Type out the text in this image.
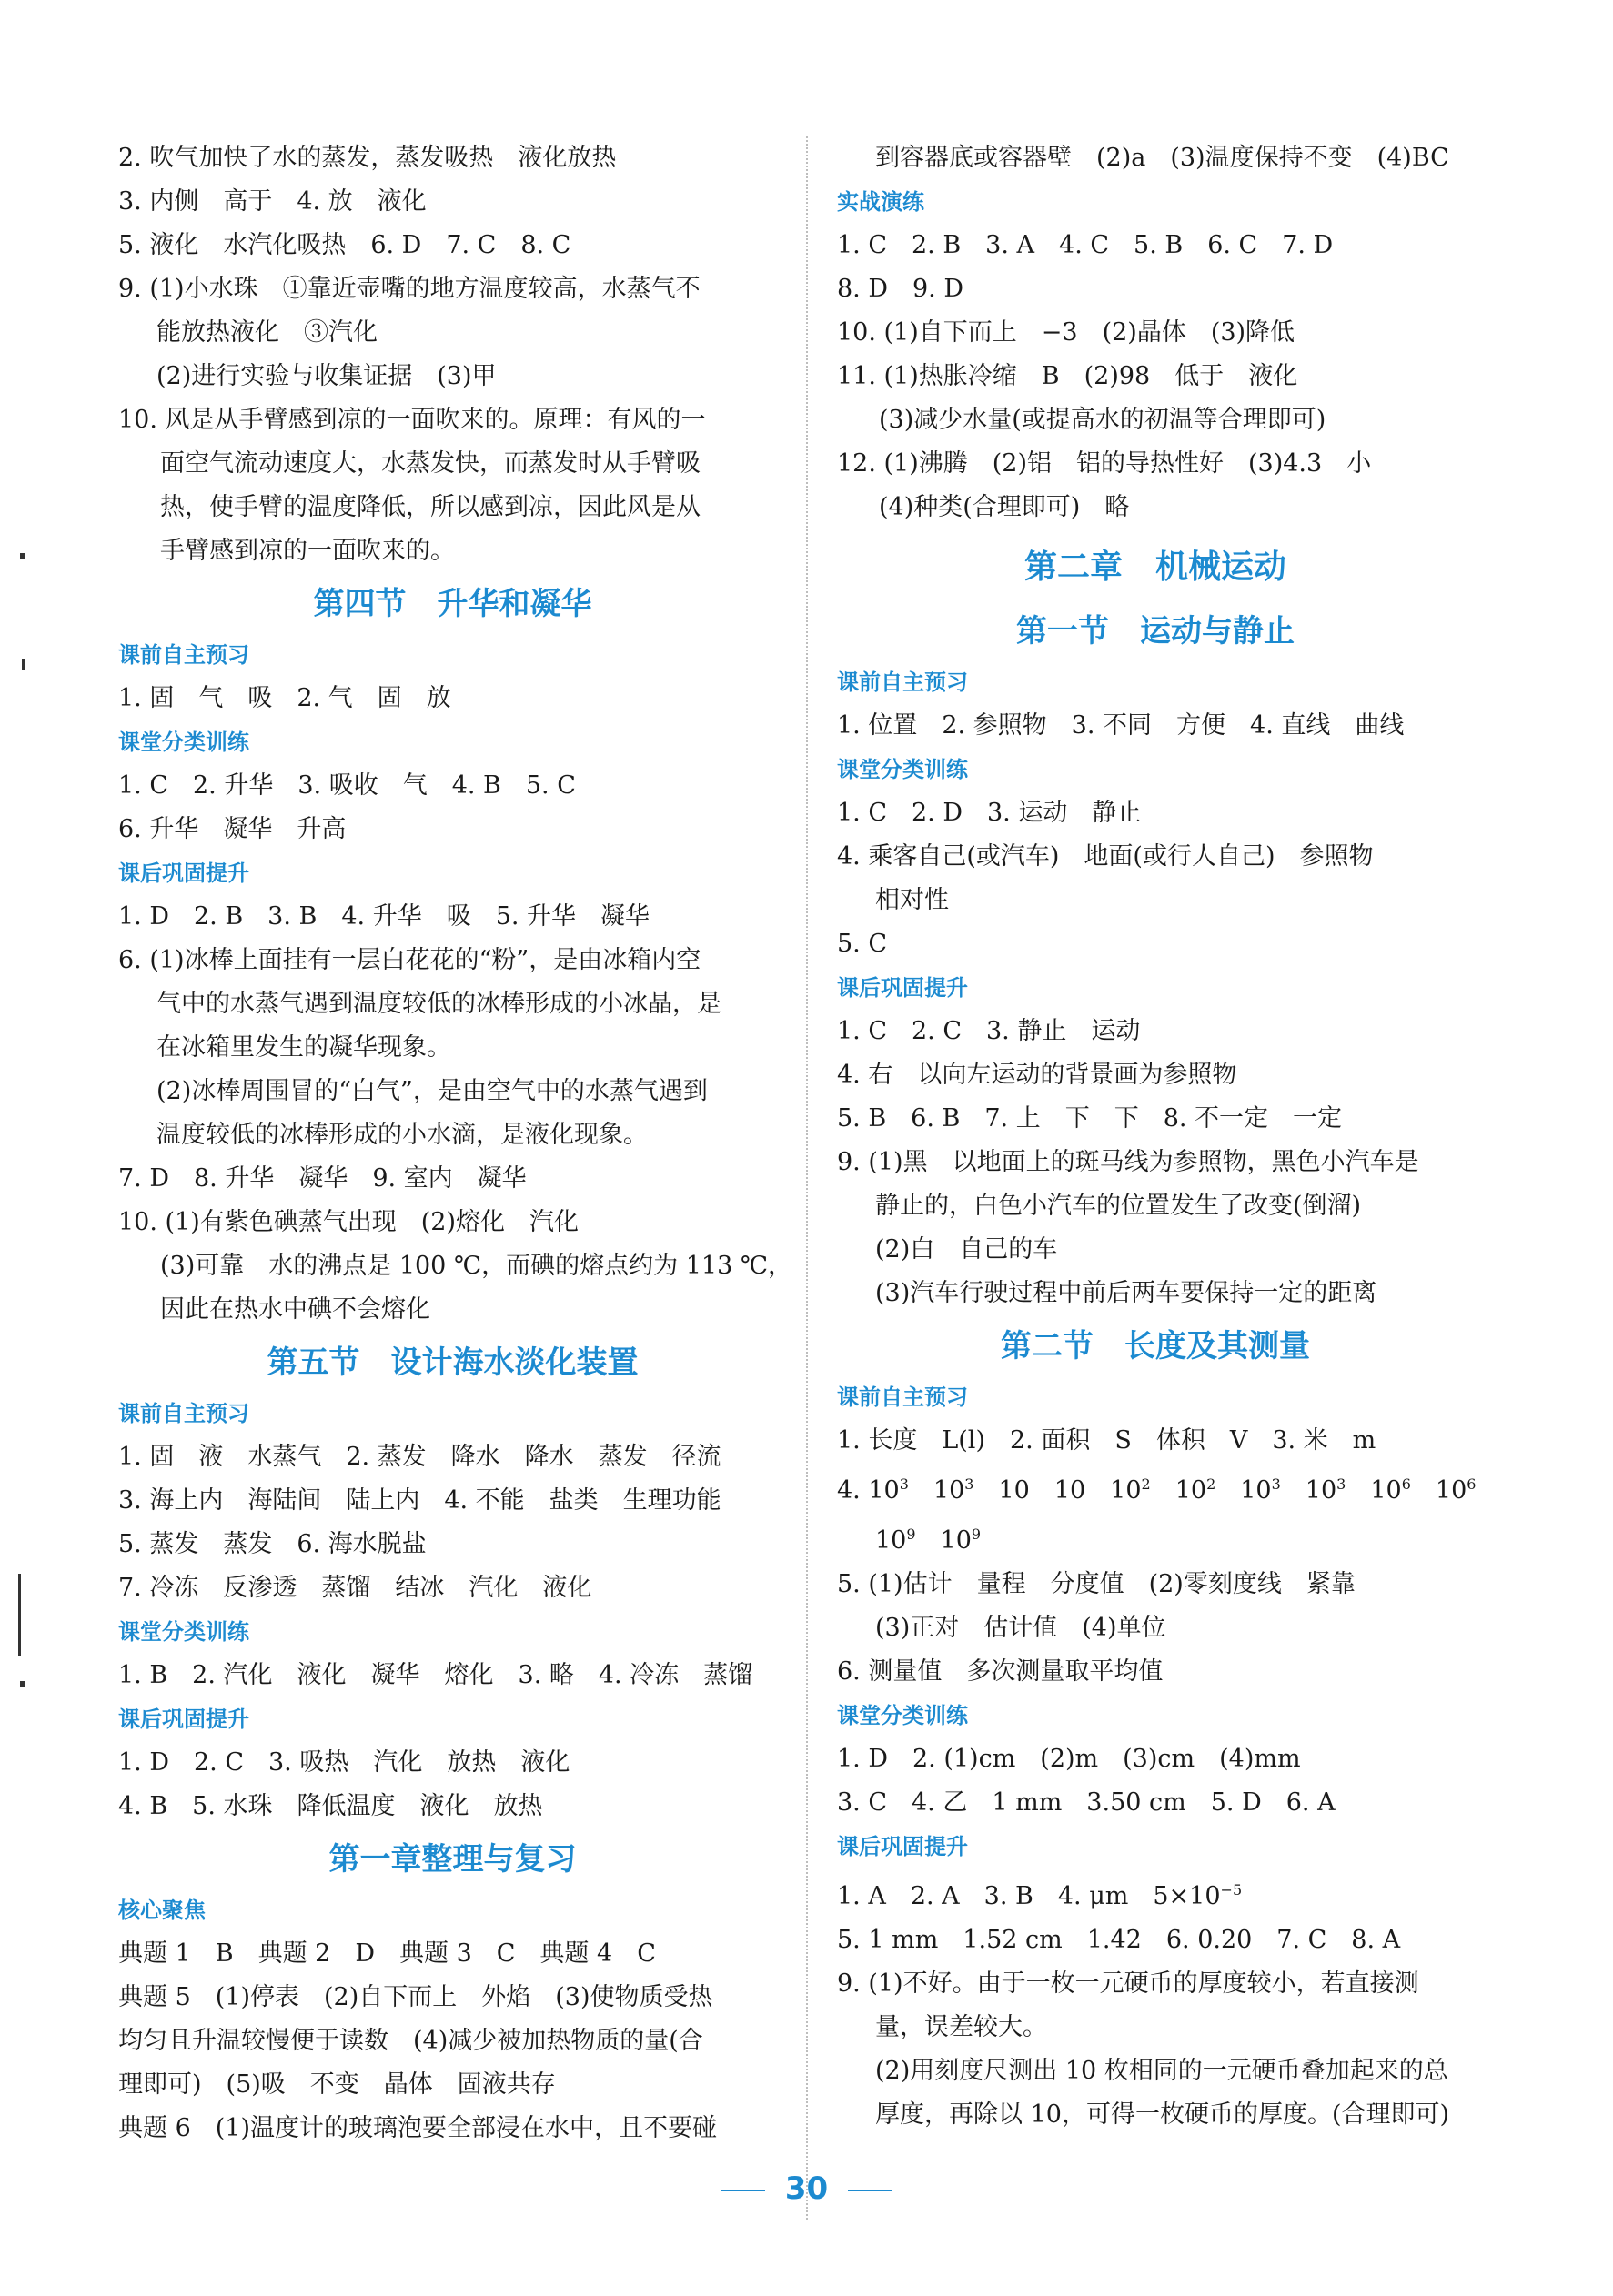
2. 吹气加快了水的蒸发，蒸发吸热　液化放热

3. 内侧　高于　4. 放　液化

5. 液化　水汽化吸热　6. D　7. C　8. C

9. (1)小水珠　①靠近壶嘴的地方温度较高，水蒸气不

能放热液化　③汽化

(2)进行实验与收集证据　(3)甲

10. 风是从手臂感到凉的一面吹来的。原理：有风的一

面空气流动速度大，水蒸发快，而蒸发时从手臂吸

热，使手臂的温度降低，所以感到凉，因此风是从

手臂感到凉的一面吹来的。

第四节　升华和凝华

课前自主预习

1. 固　气　吸　2. 气　固　放

课堂分类训练

1. C　2. 升华　3. 吸收　气　4. B　5. C

6. 升华　凝华　升高

课后巩固提升

1. D　2. B　3. B　4. 升华　吸　5. 升华　凝华

6. (1)冰棒上面挂有一层白花花的“粉”，是由冰箱内空

气中的水蒸气遇到温度较低的冰棒形成的小冰晶，是

在冰箱里发生的凝华现象。

(2)冰棒周围冒的“白气”，是由空气中的水蒸气遇到

温度较低的冰棒形成的小水滴，是液化现象。

7. D　8. 升华　凝华　9. 室内　凝华

10. (1)有紫色碘蒸气出现　(2)熔化　汽化

(3)可靠　水的沸点是 100 ℃，而碘的熔点约为 113 ℃，

因此在热水中碘不会熔化

第五节　设计海水淡化装置

课前自主预习

1. 固　液　水蒸气　2. 蒸发　降水　降水　蒸发　径流

3. 海上内　海陆间　陆上内　4. 不能　盐类　生理功能

5. 蒸发　蒸发　6. 海水脱盐

7. 冷冻　反渗透　蒸馏　结冰　汽化　液化

课堂分类训练

1. B　2. 汽化　液化　凝华　熔化　3. 略　4. 冷冻　蒸馏

课后巩固提升

1. D　2. C　3. 吸热　汽化　放热　液化

4. B　5. 水珠　降低温度　液化　放热

第一章整理与复习

核心聚焦

典题 1　B　典题 2　D　典题 3　C　典题 4　C

典题 5　(1)停表　(2)自下而上　外焰　(3)使物质受热

均匀且升温较慢便于读数　(4)减少被加热物质的量(合

理即可)　(5)吸　不变　晶体　固液共存

典题 6　(1)温度计的玻璃泡要全部浸在水中，且不要碰

到容器底或容器壁　(2)a　(3)温度保持不变　(4)BC

实战演练

1. C　2. B　3. A　4. C　5. B　6. C　7. D

8. D　9. D

10. (1)自下而上　−3　(2)晶体　(3)降低

11. (1)热胀冷缩　B　(2)98　低于　液化

(3)减少水量(或提高水的初温等合理即可)

12. (1)沸腾　(2)铝　铝的导热性好　(3)4.3　小

(4)种类(合理即可)　略

第二章　机械运动

第一节　运动与静止

课前自主预习

1. 位置　2. 参照物　3. 不同　方便　4. 直线　曲线

课堂分类训练

1. C　2. D　3. 运动　静止

4. 乘客自己(或汽车)　地面(或行人自己)　参照物

相对性

5. C

课后巩固提升

1. C　2. C　3. 静止　运动

4. 右　以向左运动的背景画为参照物

5. B　6. B　7. 上　下　下　8. 不一定　一定

9. (1)黑　以地面上的斑马线为参照物，黑色小汽车是

静止的，白色小汽车的位置发生了改变(倒溜)

(2)白　自己的车

(3)汽车行驶过程中前后两车要保持一定的距离

第二节　长度及其测量

课前自主预习

1. 长度　L(l)　2. 面积　S　体积　V　3. 米　m

4. $10^3$　 $10^3$　 10　 10　 $10^2$　 $10^2$　 $10^3$　 $10^3$　 $10^6$　 $10^6$

$10^9$　 $10^9$

5. (1)估计　量程　分度值　(2)零刻度线　紧靠

(3)正对　估计值　(4)单位

6. 测量值　多次测量取平均值

课堂分类训练

1. D　2. (1)cm　(2)m　(3)cm　(4)mm

3. C　4. 乙　1 mm　3.50 cm　5. D　6. A

课后巩固提升

1. A　2. A　3. B　4. μm　$5\times 10^{-5}$

5. 1 mm　1.52 cm　1.42　6. 0.20　7. C　8. A

9. (1)不好。由于一枚一元硬币的厚度较小，若直接测

量，误差较大。

(2)用刻度尺测出 10 枚相同的一元硬币叠加起来的总

厚度，再除以 10，可得一枚硬币的厚度。(合理即可)

30
